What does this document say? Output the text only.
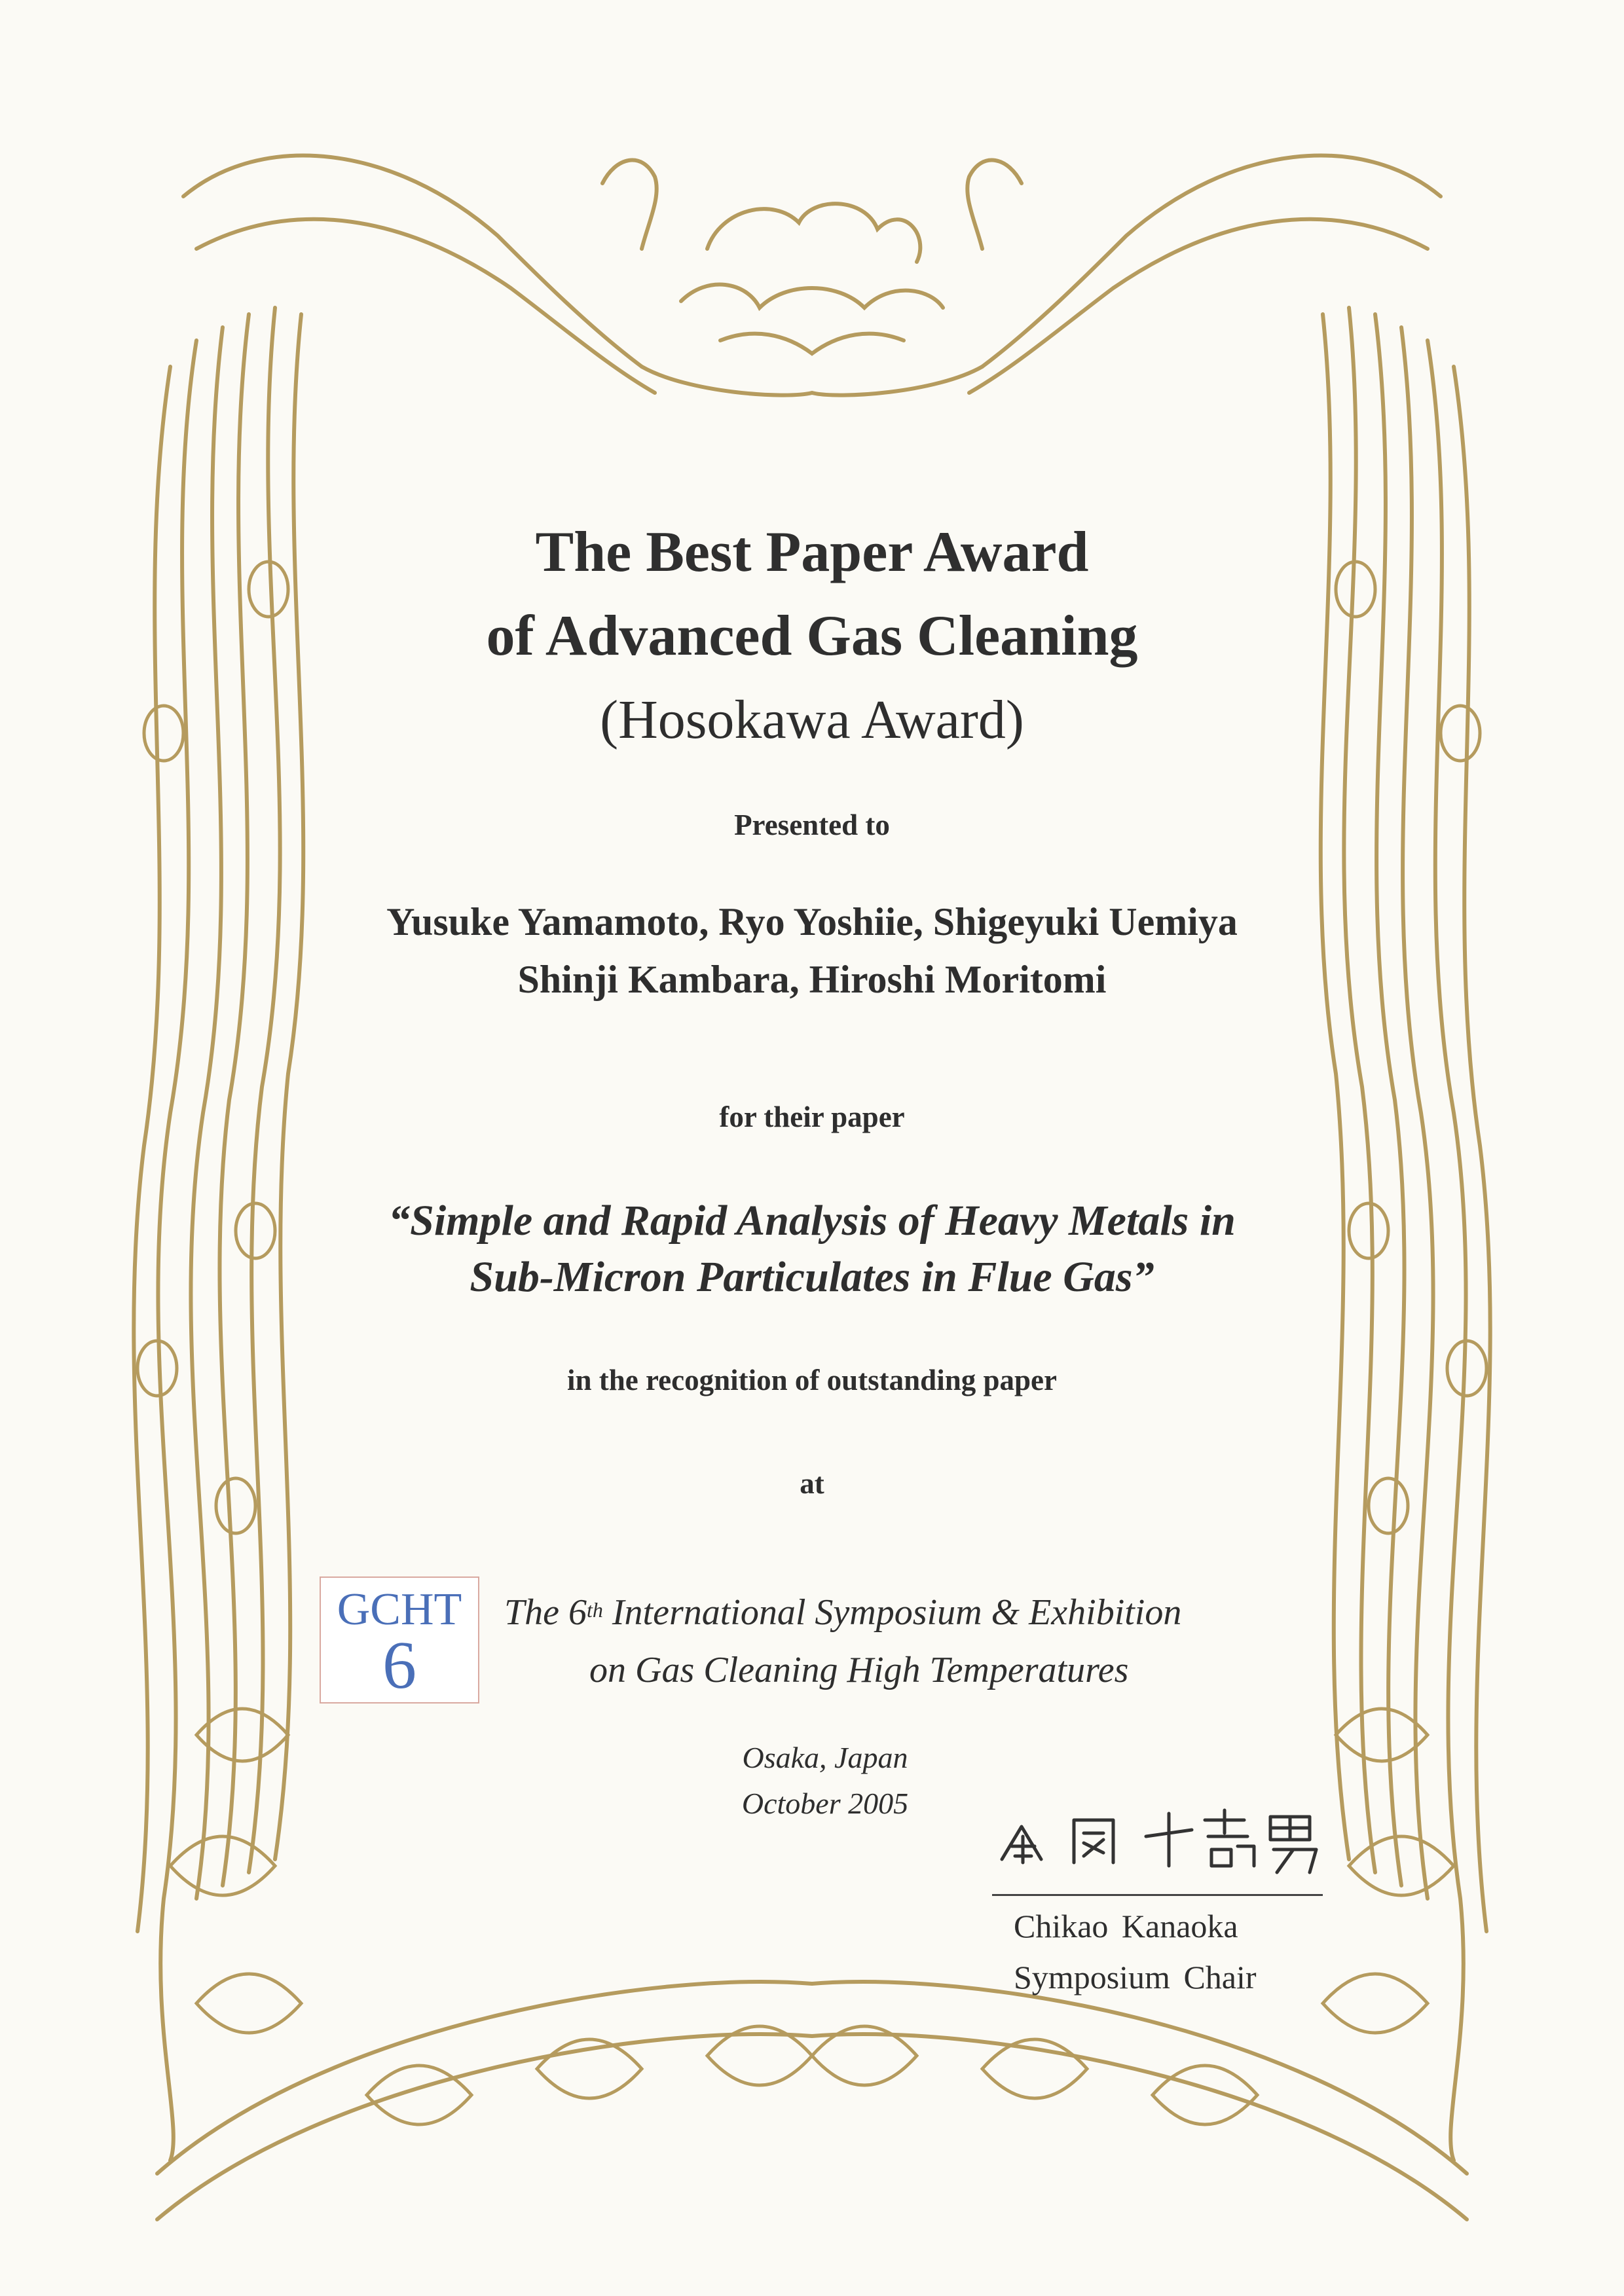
The Best Paper Award
of Advanced Gas Cleaning
(Hosokawa Award)
Presented to
Yusuke Yamamoto, Ryo Yoshiie, Shigeyuki Uemiya
Shinji Kambara, Hiroshi Moritomi
for their paper
“Simple and Rapid Analysis of Heavy Metals in
Sub-Micron Particulates in Flue Gas”
in the recognition of outstanding paper
at
GCHT
6
The 6th International Symposium & Exhibition
on Gas Cleaning High Temperatures
Osaka, Japan
October 2005
Chikao Kanaoka
Symposium Chair
